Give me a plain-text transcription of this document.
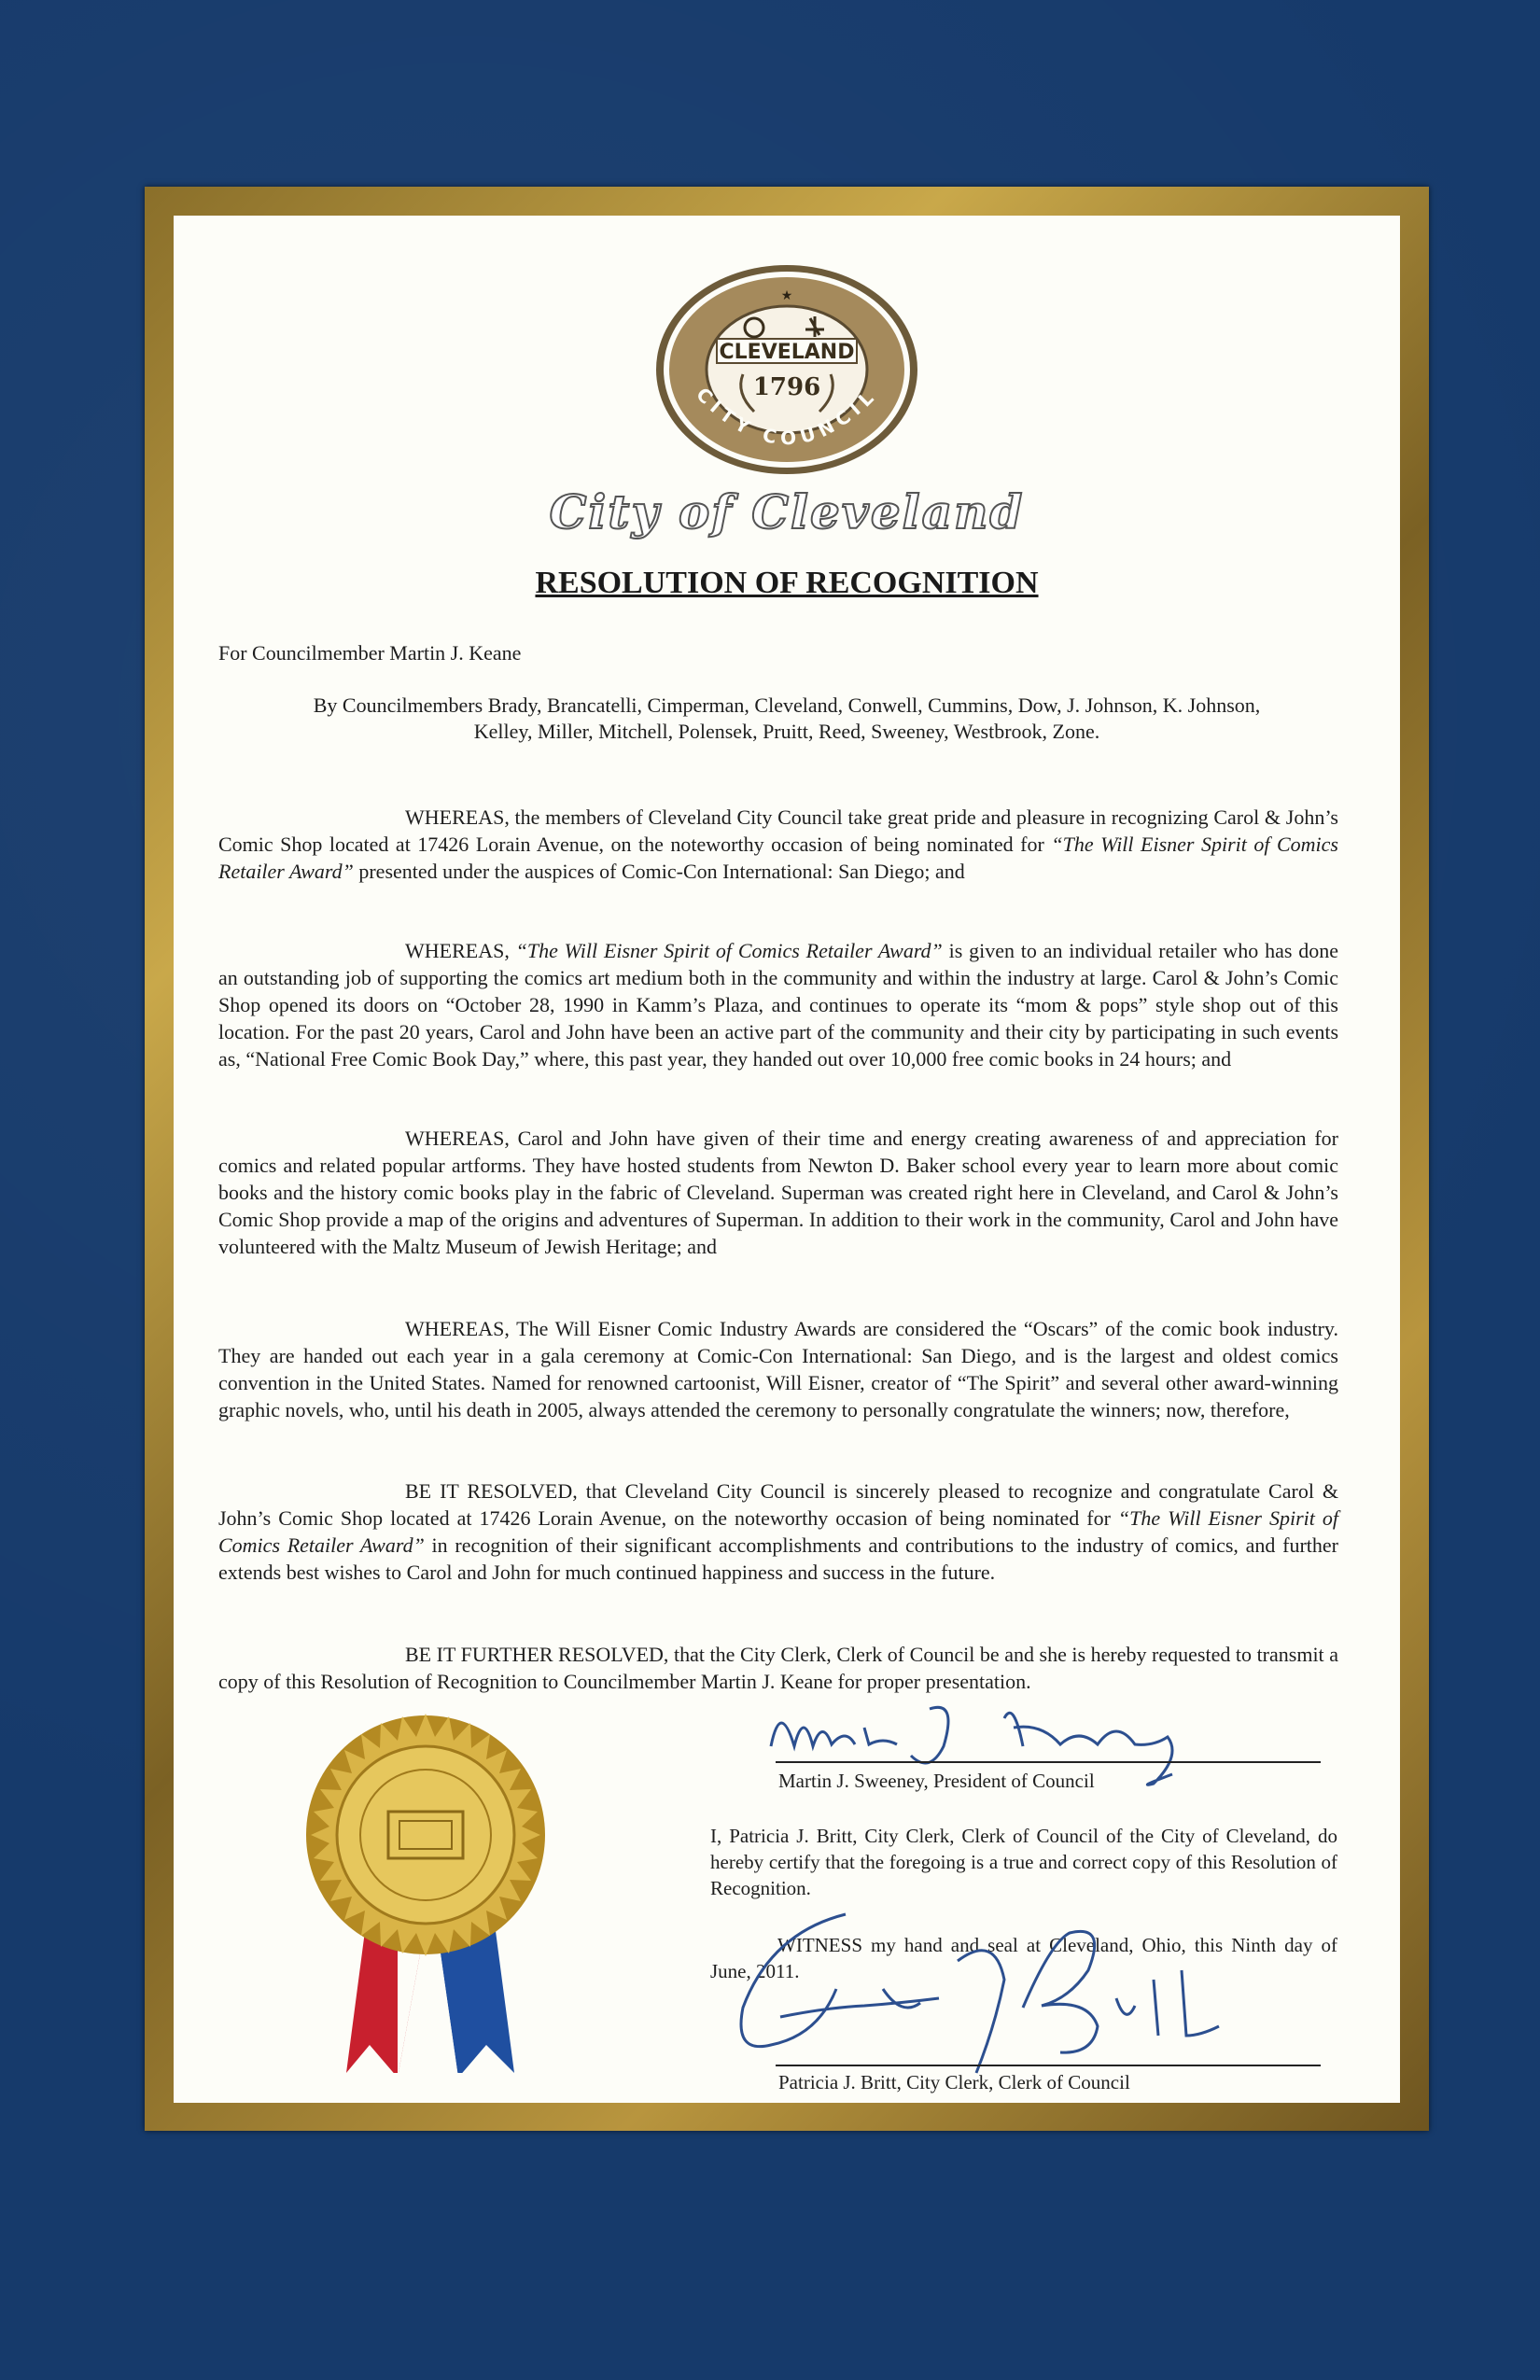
CLEVELAND
1796
★
CITY COUNCIL
City of Cleveland
RESOLUTION OF RECOGNITION
For Councilmember Martin J. Keane
By Councilmembers Brady, Brancatelli, Cimperman, Cleveland, Conwell, Cummins, Dow, J. Johnson, K. Johnson,
Kelley, Miller, Mitchell, Polensek, Pruitt, Reed, Sweeney, Westbrook, Zone.
WHEREAS, the members of Cleveland City Council take great pride and pleasure in recognizing Carol & John’s Comic Shop located at 17426 Lorain Avenue, on the noteworthy occasion of being nominated for “The Will Eisner Spirit of Comics Retailer Award” presented under the auspices of Comic-Con International: San Diego; and
WHEREAS, “The Will Eisner Spirit of Comics Retailer Award” is given to an individual retailer who has done an outstanding job of supporting the comics art medium both in the community and within the industry at large. Carol & John’s Comic Shop opened its doors on “October 28, 1990 in Kamm’s Plaza, and continues to operate its “mom & pops” style shop out of this location. For the past 20 years, Carol and John have been an active part of the community and their city by participating in such events as, “National Free Comic Book Day,” where, this past year, they handed out over 10,000 free comic books in 24 hours; and
WHEREAS, Carol and John have given of their time and energy creating awareness of and appreciation for comics and related popular artforms. They have hosted students from Newton D. Baker school every year to learn more about comic books and the history comic books play in the fabric of Cleveland. Superman was created right here in Cleveland, and Carol & John’s Comic Shop provide a map of the origins and adventures of Superman. In addition to their work in the community, Carol and John have volunteered with the Maltz Museum of Jewish Heritage; and
WHEREAS, The Will Eisner Comic Industry Awards are considered the “Oscars” of the comic book industry. They are handed out each year in a gala ceremony at Comic-Con International: San Diego, and is the largest and oldest comics convention in the United States. Named for renowned cartoonist, Will Eisner, creator of “The Spirit” and several other award-winning graphic novels, who, until his death in 2005, always attended the ceremony to personally congratulate the winners; now, therefore,
BE IT RESOLVED, that Cleveland City Council is sincerely pleased to recognize and congratulate Carol & John’s Comic Shop located at 17426 Lorain Avenue, on the noteworthy occasion of being nominated for “The Will Eisner Spirit of Comics Retailer Award” in recognition of their significant accomplishments and contributions to the industry of comics, and further extends best wishes to Carol and John for much continued happiness and success in the future.
BE IT FURTHER RESOLVED, that the City Clerk, Clerk of Council be and she is hereby requested to transmit a copy of this Resolution of Recognition to Councilmember Martin J. Keane for proper presentation.
Martin J. Sweeney, President of Council
I, Patricia J. Britt, City Clerk, Clerk of Council of the City of Cleveland, do hereby certify that the foregoing is a true and correct copy of this Resolution of Recognition.
WITNESS my hand and seal at Cleveland, Ohio, this Ninth day of June, 2011.
Patricia J. Britt, City Clerk, Clerk of Council
